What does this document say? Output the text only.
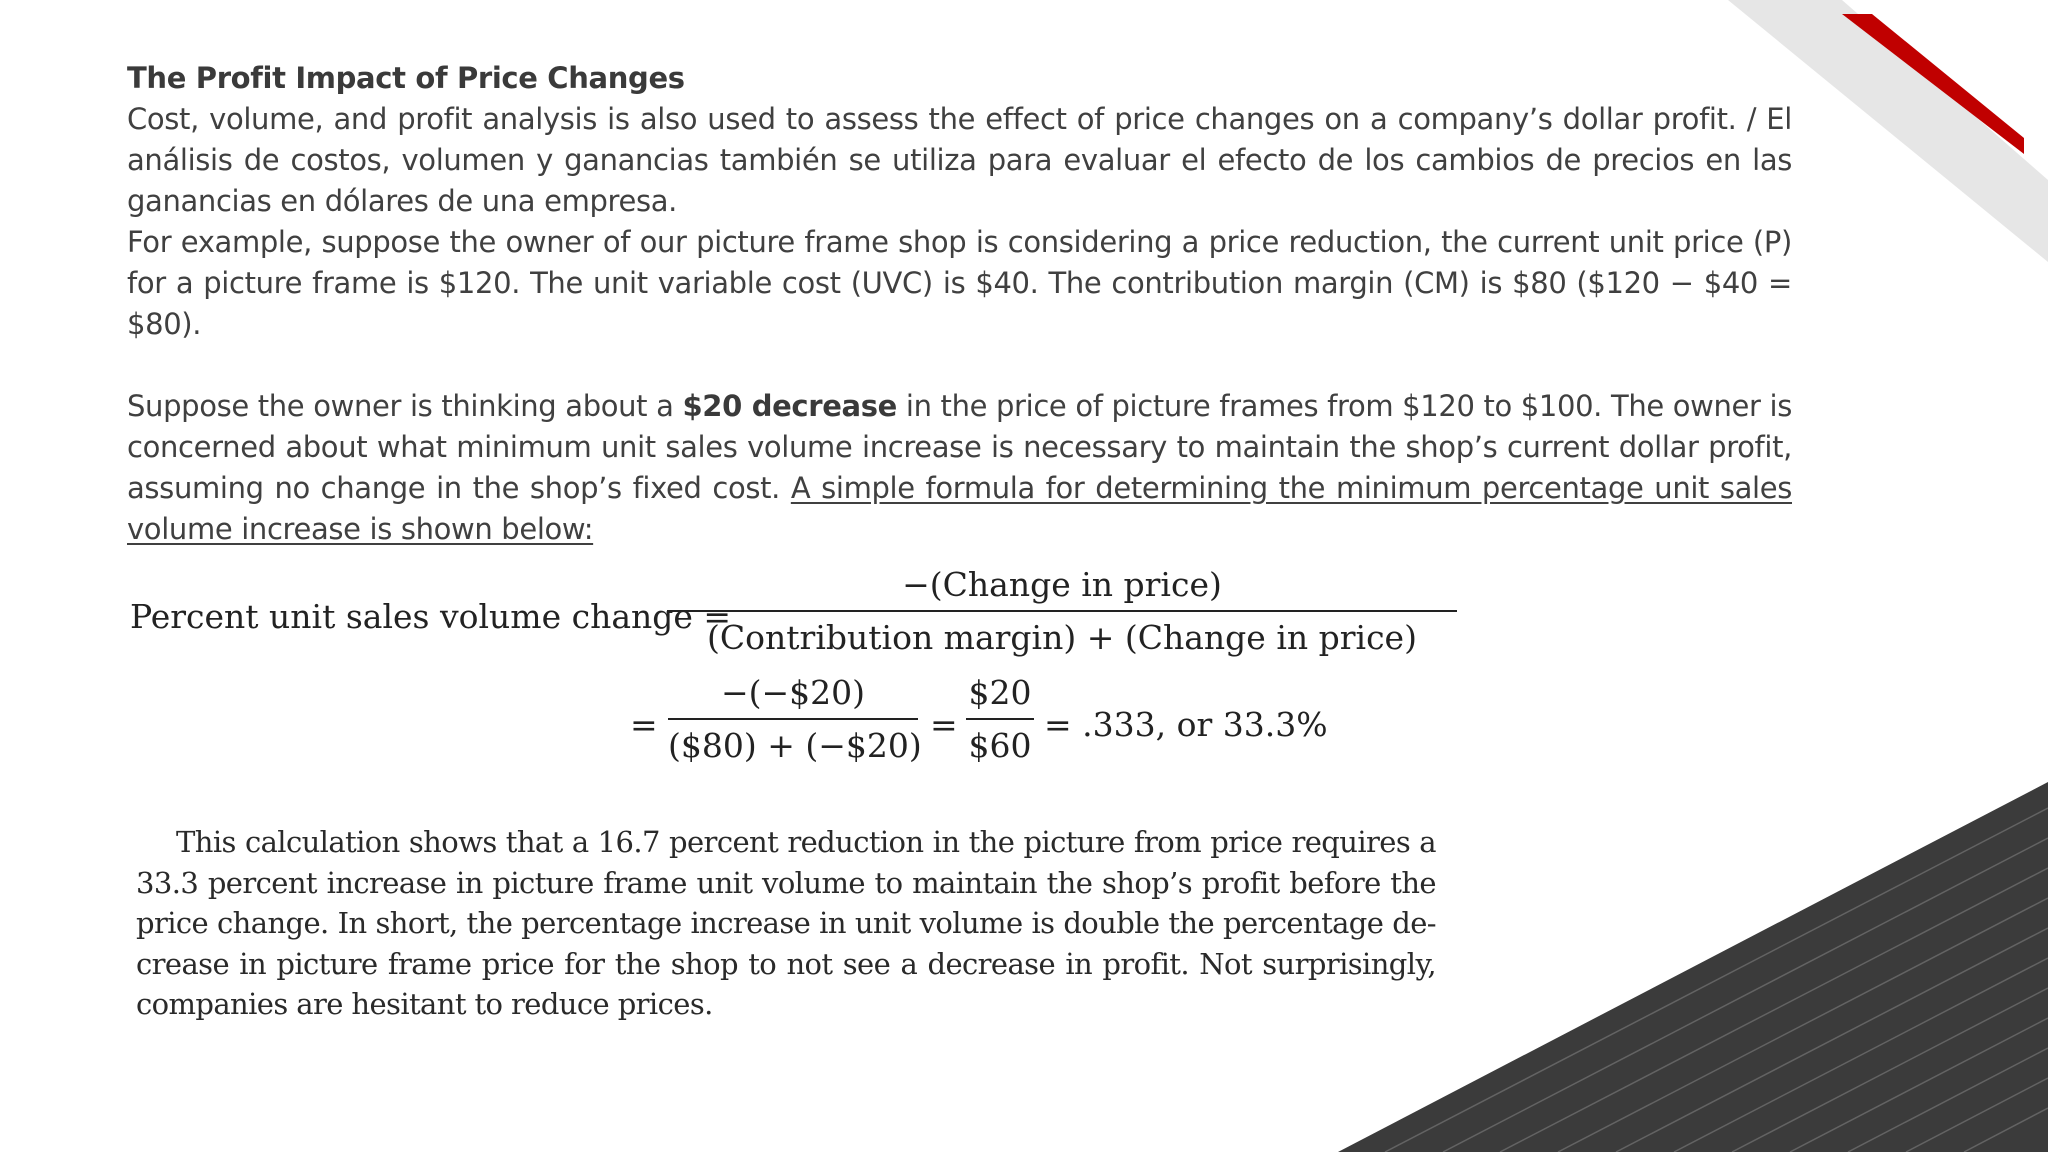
The Profit Impact of Price Changes

Cost, volume, and profit analysis is also used to assess the effect of price changes on a company’s dollar profit. / El análisis de costos, volumen y ganancias también se utiliza para evaluar el efecto de los cambios de precios en las ganancias en dólares de una empresa.

For example, suppose the owner of our picture frame shop is considering a price reduction, the current unit price (P) for a picture frame is $120. The unit variable cost (UVC) is $40. The contribution margin (CM) is $80 ($120 − $40 = $80).

Suppose the owner is thinking about a $20 decrease in the price of picture frames from $120 to $100. The owner is concerned about what minimum unit sales volume increase is necessary to maintain the shop’s current dollar profit, assuming no change in the shop’s fixed cost. A simple formula for determining the minimum percentage unit sales volume increase is shown below:

Percent unit sales volume change =
−(Change in price)
(Contribution margin) + (Change in price)
=
−(−$20)
($80) + (−$20)
=
$20
$60
= .333, or 33.3%

This calculation shows that a 16.7 percent reduction in the picture from price requires a 33.3 percent increase in picture frame unit volume to maintain the shop’s profit before the price change. In short, the percentage increase in unit volume is double the percentage de-crease in picture frame price for the shop to not see a decrease in profit. Not surprisingly, companies are hesitant to reduce prices.
